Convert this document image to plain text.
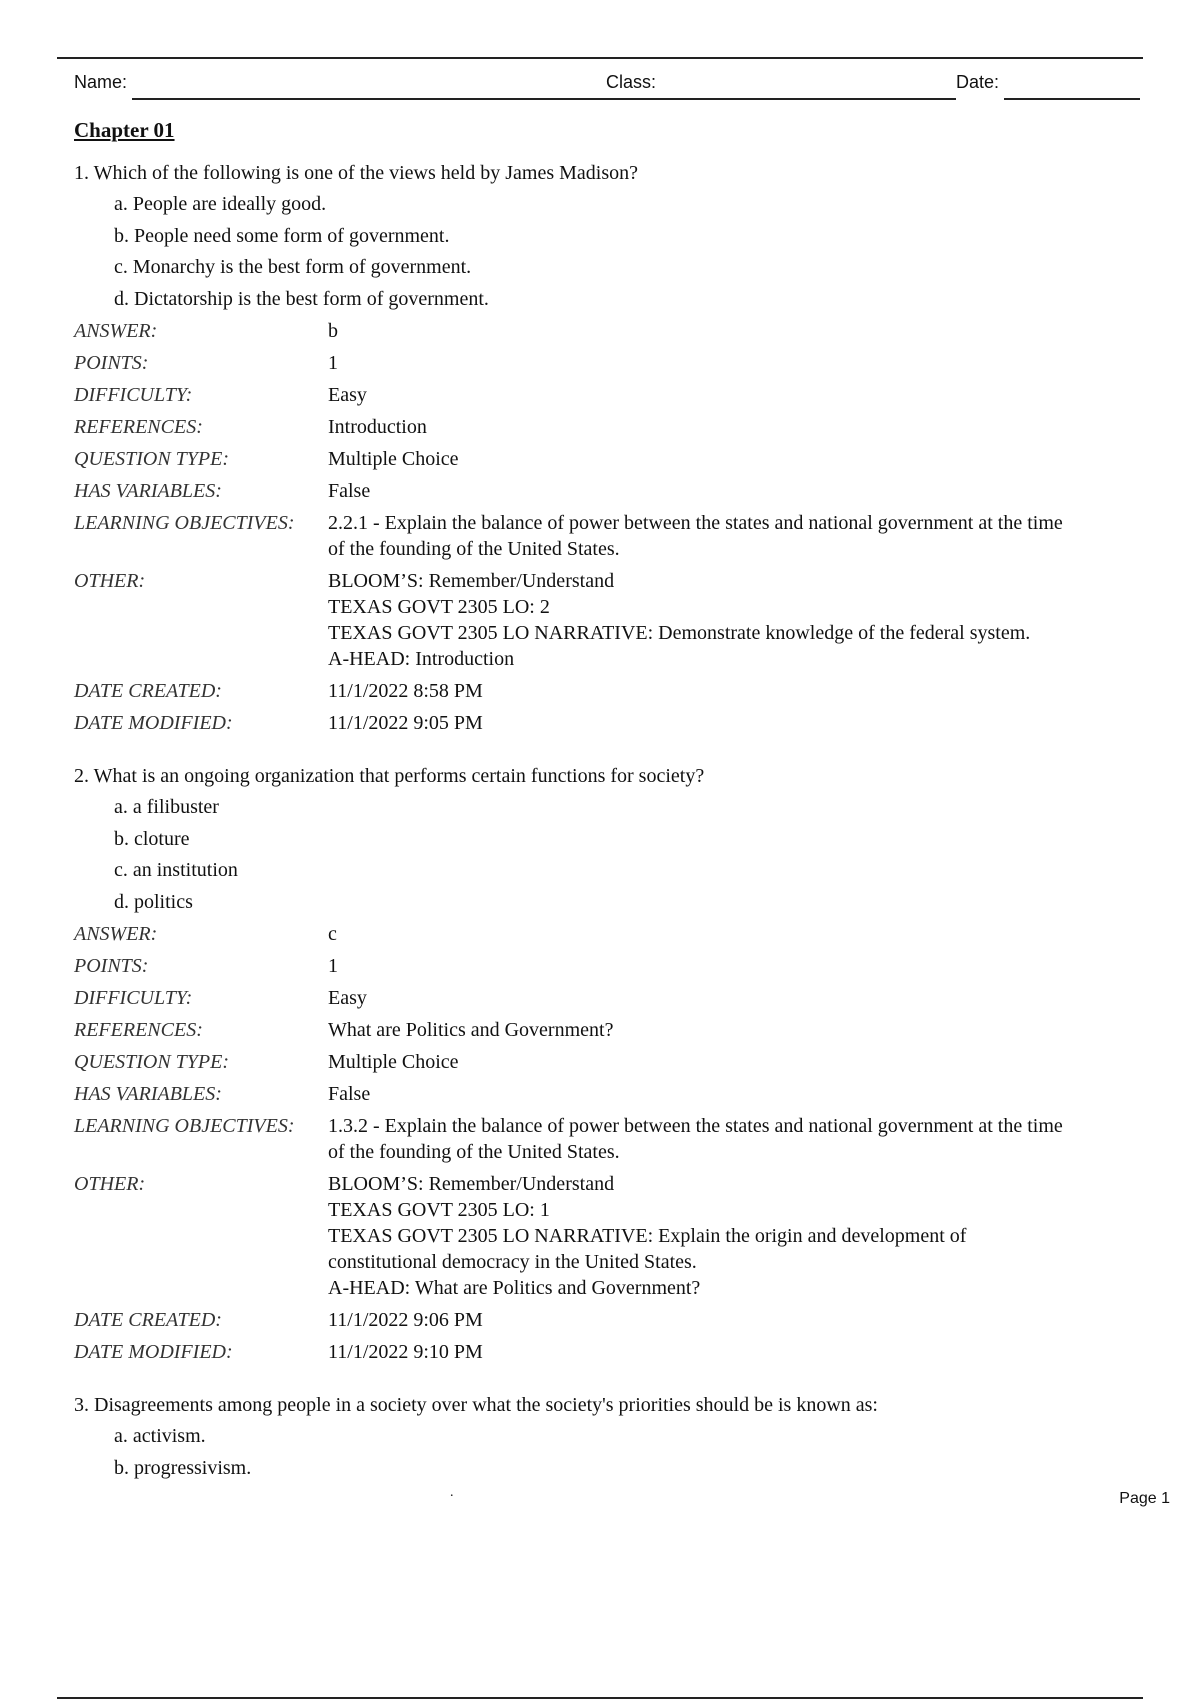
Name:	Class:	Date:
Chapter 01
1. Which of the following is one of the views held by James Madison?
a. People are ideally good.
b. People need some form of government.
c. Monarchy is the best form of government.
d. Dictatorship is the best form of government.
ANSWER:	b
POINTS:	1
DIFFICULTY:	Easy
REFERENCES:	Introduction
QUESTION TYPE:	Multiple Choice
HAS VARIABLES:	False
LEARNING OBJECTIVES:	2.2.1 - Explain the balance of power between the states and national government at the time
of the founding of the United States.
OTHER:	BLOOM’S: Remember/Understand
TEXAS GOVT 2305 LO: 2
TEXAS GOVT 2305 LO NARRATIVE: Demonstrate knowledge of the federal system.
A-HEAD: Introduction
DATE CREATED:	11/1/2022 8:58 PM
DATE MODIFIED:	11/1/2022 9:05 PM
2. What is an ongoing organization that performs certain functions for society?
a. a filibuster
b. cloture
c. an institution
d. politics
ANSWER:	c
POINTS:	1
DIFFICULTY:	Easy
REFERENCES:	What are Politics and Government?
QUESTION TYPE:	Multiple Choice
HAS VARIABLES:	False
LEARNING OBJECTIVES:	1.3.2 - Explain the balance of power between the states and national government at the time
of the founding of the United States.
OTHER:	BLOOM’S: Remember/Understand
TEXAS GOVT 2305 LO: 1
TEXAS GOVT 2305 LO NARRATIVE: Explain the origin and development of
constitutional democracy in the United States.
A-HEAD: What are Politics and Government?
DATE CREATED:	11/1/2022 9:06 PM
DATE MODIFIED:	11/1/2022 9:10 PM
3. Disagreements among people in a society over what the society's priorities should be is known as:
a. activism.
b. progressivism.
.	Page 1
